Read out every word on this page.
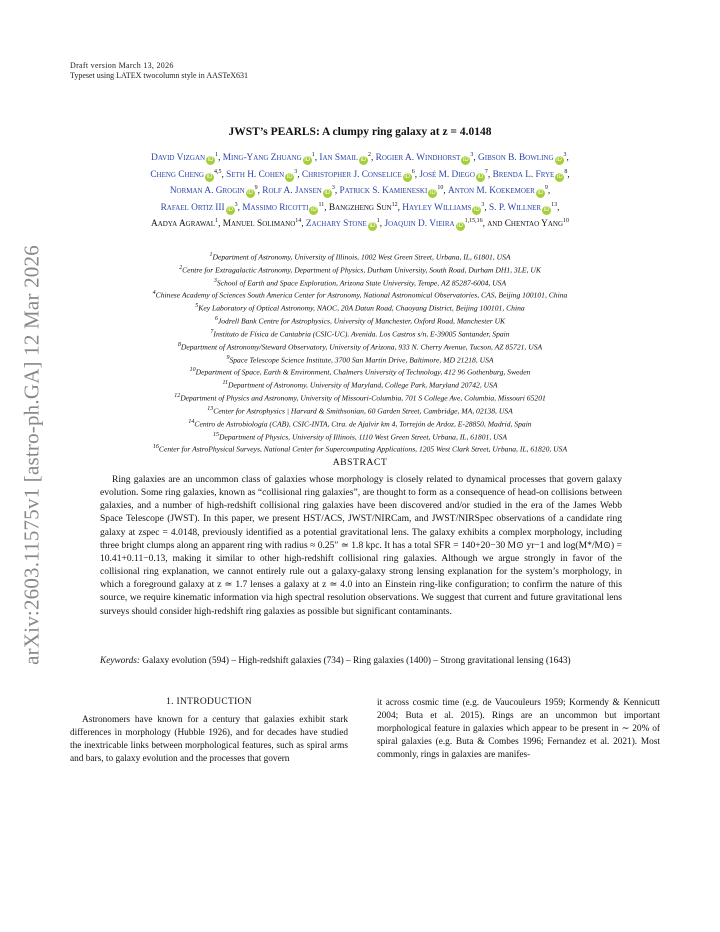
arXiv:2603.11575v1 [astro-ph.GA] 12 Mar 2026
Draft version March 13, 2026
Typeset using LATEX twocolumn style in AASTeX631
JWST’s PEARLS: A clumpy ring galaxy at z = 4.0148
David Vizgan $iD^1$, Ming-Yang Zhuang $iD^1$, Ian Smail $iD^2$, Rogier A. Windhorst $iD^3$, Gibson B. Bowling $iD^3$,
Cheng Cheng iD$^{4,5}$, Seth H. Cohen $iD^3$, Christopher J. Conselice $iD^6$, José M. Diego $iD^7$, Brenda L. Frye $iD^8$,
Norman A. Grogin $iD^9$, Rolf A. Jansen $iD^3$, Patrick S. Kamieneski $iD^{10}$, Anton M. Koekemoer $iD^9$,
Rafael Ortiz III $iD^3$, Massimo Ricotti $iD^{11}$, Bangzheng Sun$^{12}$, Hayley Williams $iD^3$, S. P. Willner $iD^{13}$,
Aadya Agrawal$^1$, Manuel Solimano$^{14}$, Zachary Stone $iD^1$, Joaquin D. Vieira iD$^{1,15,16}$, and Chentao Yang$^{10}$
$^1$Department of Astronomy, University of Illinois, 1002 West Green Street, Urbana, IL, 61801, USA
$^2$Centre for Extragalactic Astronomy, Department of Physics, Durham University, South Road, Durham DH1, 3LE, UK
$^3$School of Earth and Space Exploration, Arizona State University, Tempe, AZ 85287-6004, USA
$^4$Chinese Academy of Sciences South America Center for Astronomy, National Astronomical Observatories, CAS, Beijing 100101, China
$^5$Key Laboratory of Optical Astronomy, NAOC, 20A Datun Road, Chaoyang District, Beijing 100101, China
$^6$Jodrell Bank Centre for Astrophysics, University of Manchester, Oxford Road, Manchester UK
$^7$Instituto de Física de Cantabria (CSIC-UC). Avenida. Los Castros s/n, E-39005 Santander, Spain
$^8$Department of Astronomy/Steward Observatory, University of Arizona, 933 N. Cherry Avenue, Tucson, AZ 85721, USA
$^9$Space Telescope Science Institute, 3700 San Martin Drive, Baltimore, MD 21218, USA
$^{10}$Department of Space, Earth & Environment, Chalmers University of Technology, 412 96 Gothenburg, Sweden
$^{11}$Department of Astronomy, University of Maryland, College Park, Maryland 20742, USA
$^{12}$Department of Physics and Astronomy, University of Missouri-Columbia, 701 S College Ave, Columbia, Missouri 65201
$^{13}$Center for Astrophysics | Harvard & Smithsonian, 60 Garden Street, Cambridge, MA, 02138, USA
$^{14}$Centro de Astrobiología (CAB), CSIC-INTA, Ctra. de Ajalvir km 4, Torrejón de Ardoz, E-28850, Madrid, Spain
$^{15}$Department of Physics, University of Illinois, 1110 West Green Street, Urbana, IL, 61801, USA
$^{16}$Center for AstroPhysical Surveys, National Center for Supercomputing Applications, 1205 West Clark Street, Urbana, IL, 61820, USA
ABSTRACT
Ring galaxies are an uncommon class of galaxies whose morphology is closely related to dynamical processes that govern galaxy evolution. Some ring galaxies, known as “collisional ring galaxies”, are thought to form as a consequence of head-on collisions between galaxies, and a number of high-redshift collisional ring galaxies have been discovered and/or studied in the era of the James Webb Space Telescope (JWST). In this paper, we present HST/ACS, JWST/NIRCam, and JWST/NIRSpec observations of a candidate ring galaxy at zspec = 4.0148, previously identified as a potential gravitational lens. The galaxy exhibits a complex morphology, including three bright clumps along an apparent ring with radius ≈ 0.25″ ≃ 1.8 kpc. It has a total SFR = 140+20−30 M⊙ yr−1 and log(M*/M⊙) = 10.41+0.11−0.13, making it similar to other high-redshift collisional ring galaxies. Although we argue strongly in favor of the collisional ring explanation, we cannot entirely rule out a galaxy-galaxy strong lensing explanation for the system’s morphology, in which a foreground galaxy at z ≃ 1.7 lenses a galaxy at z ≃ 4.0 into an Einstein ring-like configuration; to confirm the nature of this source, we require kinematic information via high spectral resolution observations. We suggest that current and future gravitational lens surveys should consider high-redshift ring galaxies as possible but significant contaminants.
Keywords: Galaxy evolution (594) – High-redshift galaxies (734) – Ring galaxies (1400) – Strong gravitational lensing (1643)
1. INTRODUCTION
Astronomers have known for a century that galaxies exhibit stark differences in morphology (Hubble 1926), and for decades have studied the inextricable links between morphological features, such as spiral arms and bars, to galaxy evolution and the processes that govern
it across cosmic time (e.g. de Vaucouleurs 1959; Kormendy & Kennicutt 2004; Buta et al. 2015). Rings are an uncommon but important morphological feature in galaxies which appear to be present in ∼ 20% of spiral galaxies (e.g. Buta & Combes 1996; Fernandez et al. 2021). Most commonly, rings in galaxies are manifes-
